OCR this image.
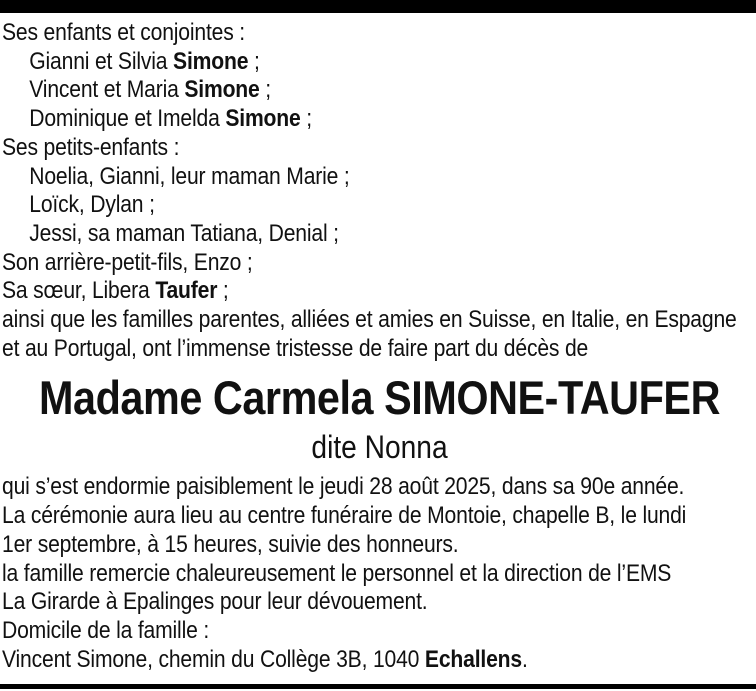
Ses enfants et conjointes :
Gianni et Silvia Simone ;
Vincent et Maria Simone ;
Dominique et Imelda Simone ;
Ses petits-enfants :
Noelia, Gianni, leur maman Marie ;
Loïck, Dylan ;
Jessi, sa maman Tatiana, Denial ;
Son arrière-petit-fils, Enzo ;
Sa sœur, Libera Taufer ;
ainsi que les familles parentes, alliées et amies en Suisse, en Italie, en Espagne
et au Portugal, ont l’immense tristesse de faire part du décès de
Madame Carmela SIMONE-TAUFER
dite Nonna
qui s’est endormie paisiblement le jeudi 28 août 2025, dans sa 90e année.
La cérémonie aura lieu au centre funéraire de Montoie, chapelle B, le lundi
1er septembre, à 15 heures, suivie des honneurs.
la famille remercie chaleureusement le personnel et la direction de l’EMS
La Girarde à Epalinges pour leur dévouement.
Domicile de la famille :
Vincent Simone, chemin du Collège 3B, 1040 Echallens.
